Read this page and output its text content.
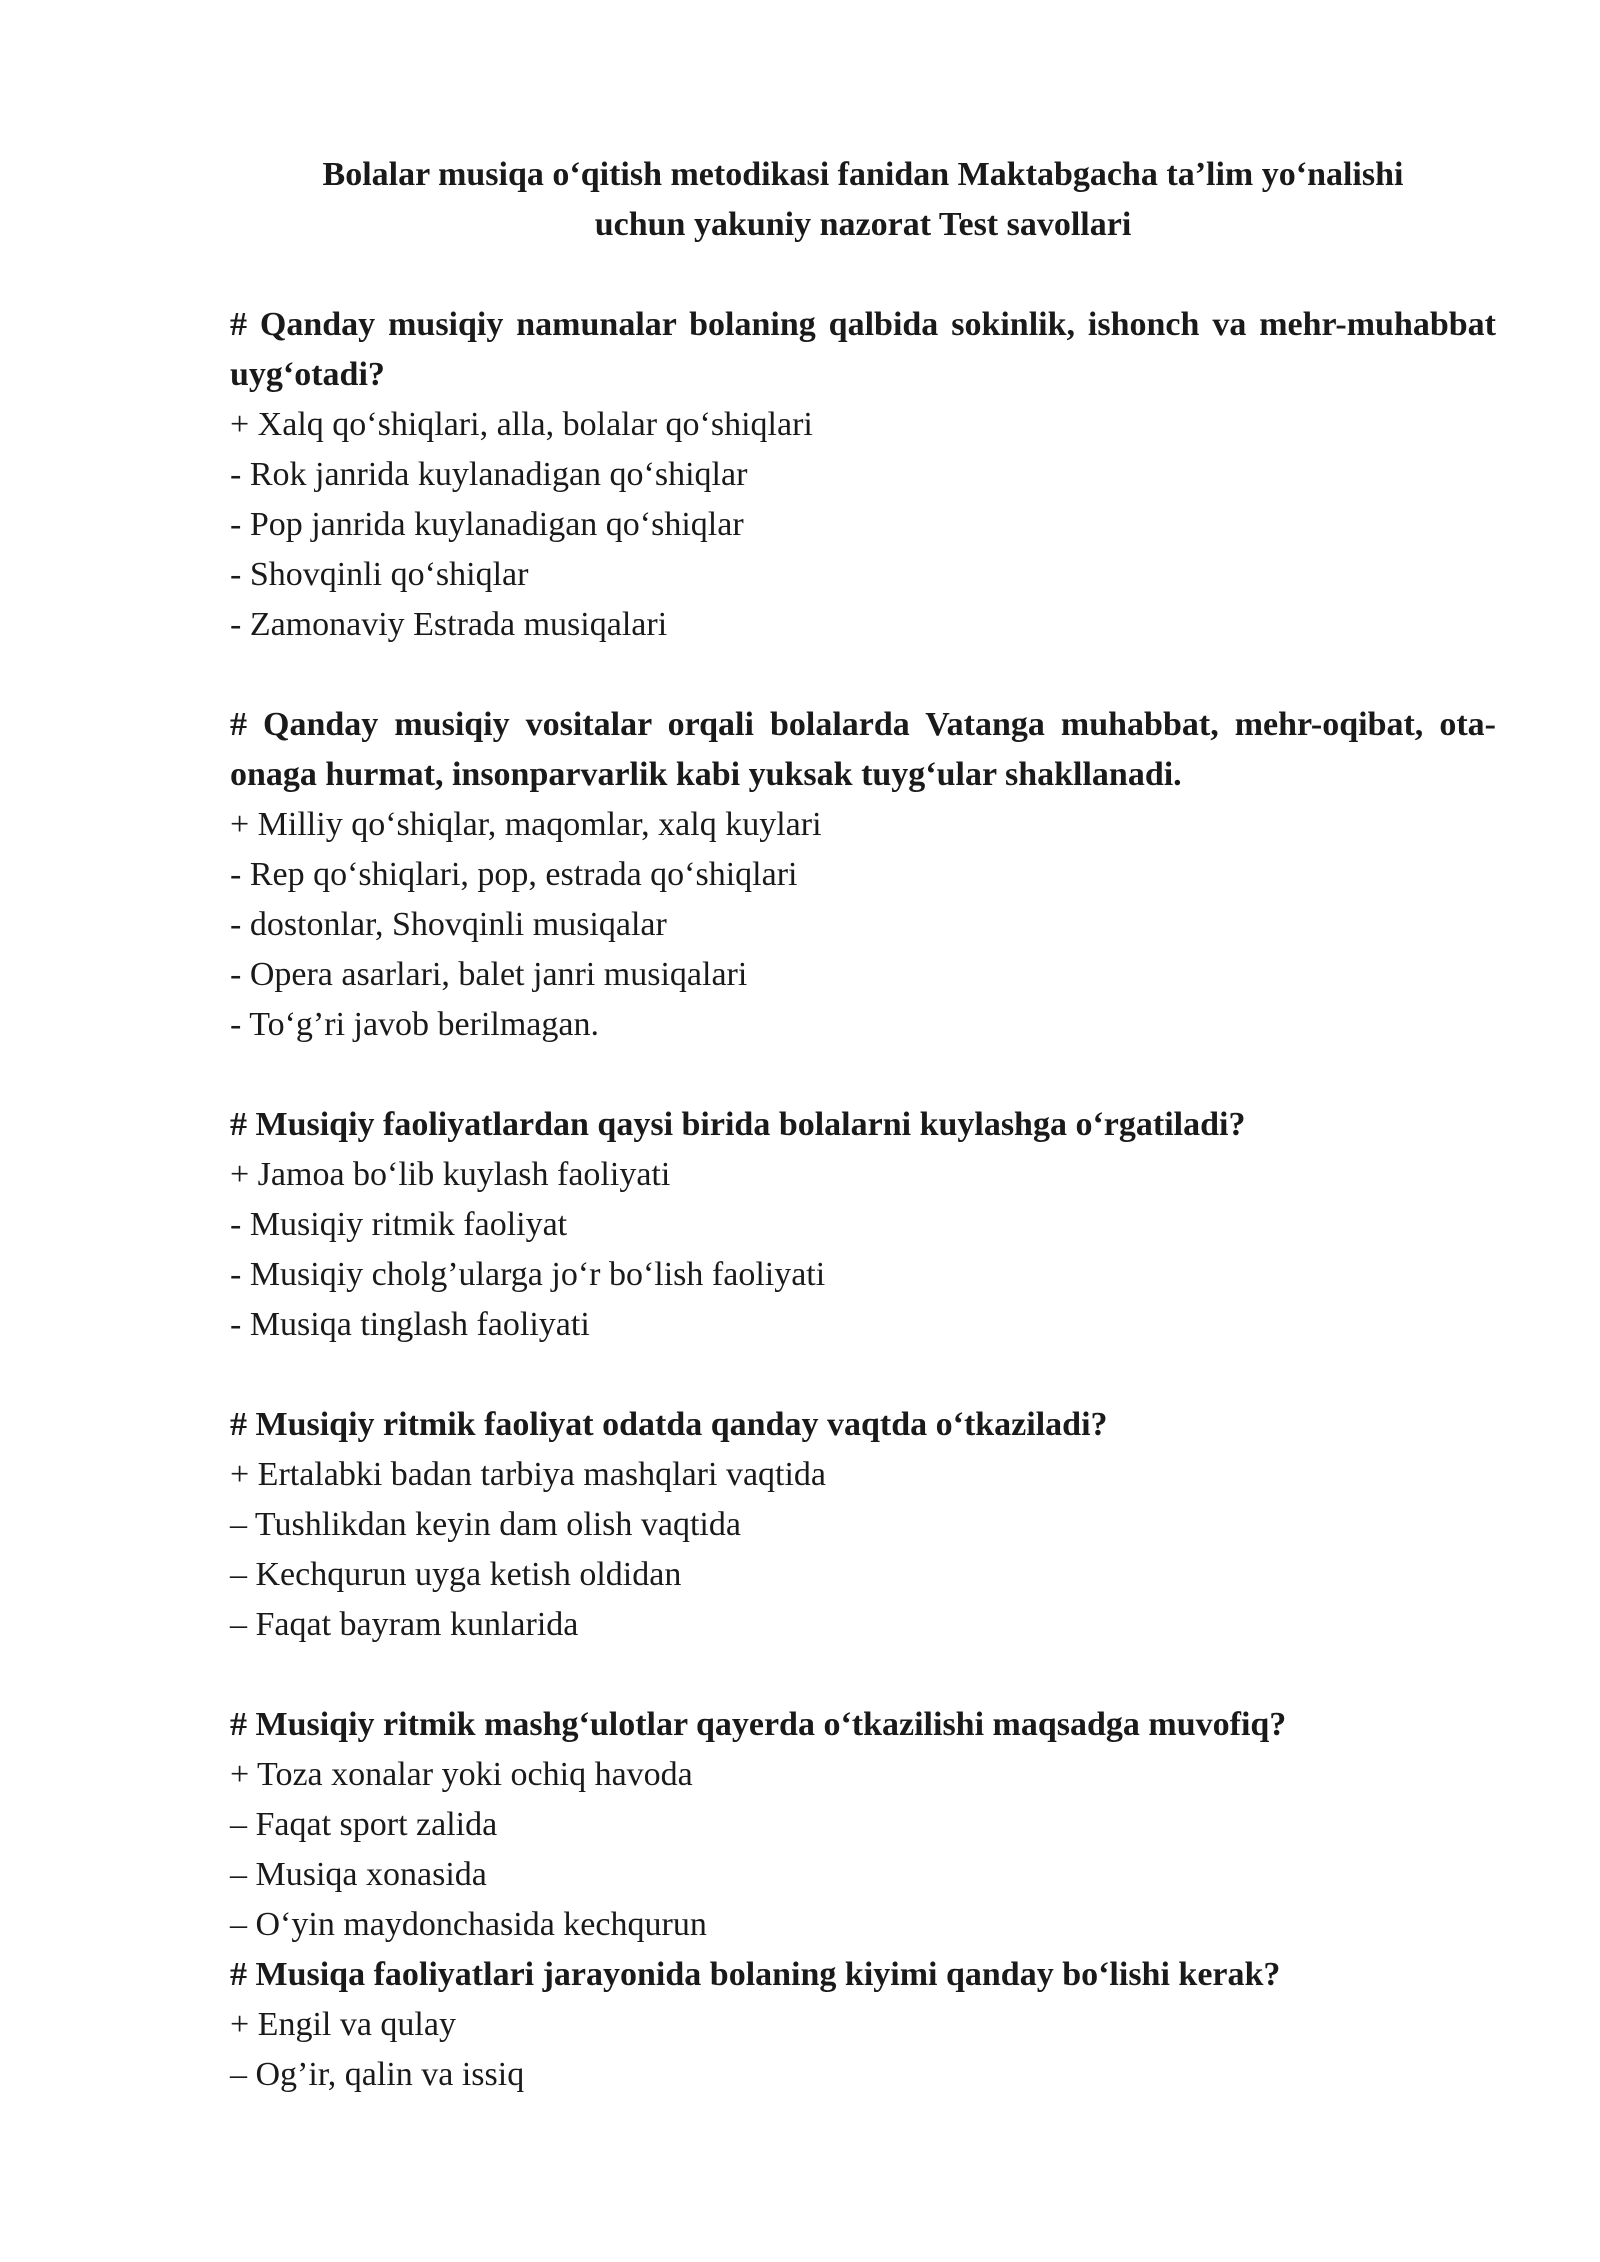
Bolalar musiqa o‘qitish metodikasi fanidan Maktabgacha ta’lim yo‘nalishi
uchun yakuniy nazorat Test savollari

# Qanday musiqiy namunalar bolaning qalbida sokinlik, ishonch va mehr-muhabbat uyg‘otadi?

+ Xalq qo‘shiqlari, alla, bolalar qo‘shiqlari

- Rok janrida kuylanadigan qo‘shiqlar

- Pop janrida kuylanadigan qo‘shiqlar

- Shovqinli qo‘shiqlar

- Zamonaviy Estrada musiqalari

# Qanday musiqiy vositalar orqali bolalarda Vatanga muhabbat, mehr-oqibat, ota-onaga hurmat, insonparvarlik kabi yuksak tuyg‘ular shakllanadi.

+ Milliy qo‘shiqlar, maqomlar, xalq kuylari

- Rep qo‘shiqlari, pop, estrada qo‘shiqlari

- dostonlar, Shovqinli musiqalar

- Opera asarlari, balet janri musiqalari

- To‘g’ri javob berilmagan.

# Musiqiy faoliyatlardan qaysi birida bolalarni kuylashga o‘rgatiladi?

+ Jamoa bo‘lib kuylash faoliyati

- Musiqiy ritmik faoliyat

- Musiqiy cholg’ularga jo‘r bo‘lish faoliyati

- Musiqa tinglash faoliyati

# Musiqiy ritmik faoliyat odatda qanday vaqtda o‘tkaziladi?

+ Ertalabki badan tarbiya mashqlari vaqtida

– Tushlikdan keyin dam olish vaqtida

– Kechqurun uyga ketish oldidan

– Faqat bayram kunlarida

# Musiqiy ritmik mashg‘ulotlar qayerda o‘tkazilishi maqsadga muvofiq?

+ Toza xonalar yoki ochiq havoda

– Faqat sport zalida

– Musiqa xonasida

– O‘yin maydonchasida kechqurun

# Musiqa faoliyatlari jarayonida bolaning kiyimi qanday bo‘lishi kerak?

+ Engil va qulay

– Og’ir, qalin va issiq
